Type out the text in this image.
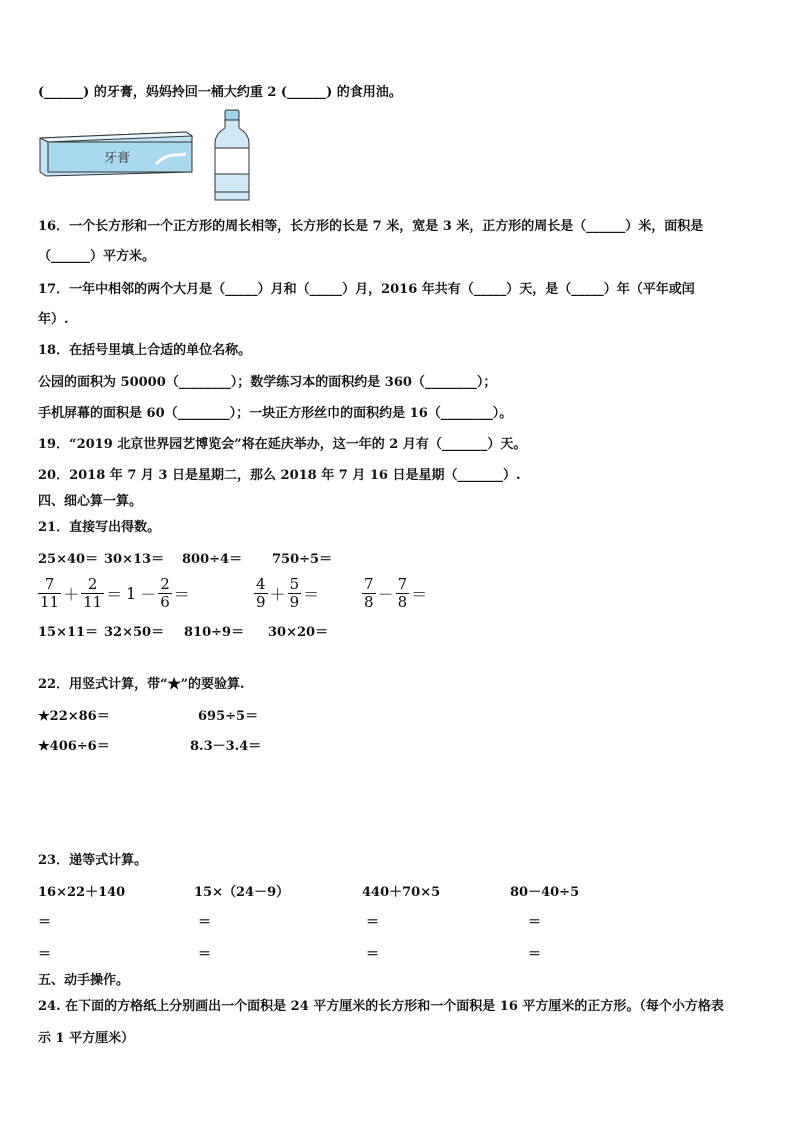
(______) 的牙膏，妈妈拎回一桶大约重 2 (______) 的食用油。
牙膏
16．一个长方形和一个正方形的周长相等，长方形的长是 7 米，宽是 3 米，正方形的周长是（______）米，面积是
（______）平方米。
17．一年中相邻的两个大月是（_____）月和（_____）月，2016 年共有（_____）天，是（_____）年（平年或闰
年）.
18．在括号里填上合适的单位名称。
公园的面积为 50000（________）；数学练习本的面积约是 360（________）；
手机屏幕的面积是 60（________）；一块正方形丝巾的面积约是 16（________）。
19．“2019 北京世界园艺博览会”将在延庆举办，这一年的 2 月有（_______）天。
20．2018 年 7 月 3 日是星期二，那么 2018 年 7 月 16 日是星期（_______）.
四、细心算一算。
21．直接写出得数。
25×40＝ 30×13＝ 800÷4＝ 750÷5＝
$\frac{7}{11} + \frac{2}{11} = 1 - \frac{2}{6}$ ＝	$\frac{4}{9} + \frac{5}{9}$ ＝	$\frac{7}{8} - \frac{7}{8}$ ＝
15×11＝ 32×50＝ 810÷9＝ 30×20＝
22．用竖式计算，带“★”的要验算.
★22×86＝	695÷5＝
★406÷6＝	8.3－3.4＝
23．递等式计算。
16×22＋140	15×（24－9）	440＋70×5	80－40÷5
＝	＝	＝	＝
＝	＝	＝	＝
五、动手操作。
24. 在下面的方格纸上分别画出一个面积是 24 平方厘米的长方形和一个面积是 16 平方厘米的正方形。（每个小方格表
示 1 平方厘米）
